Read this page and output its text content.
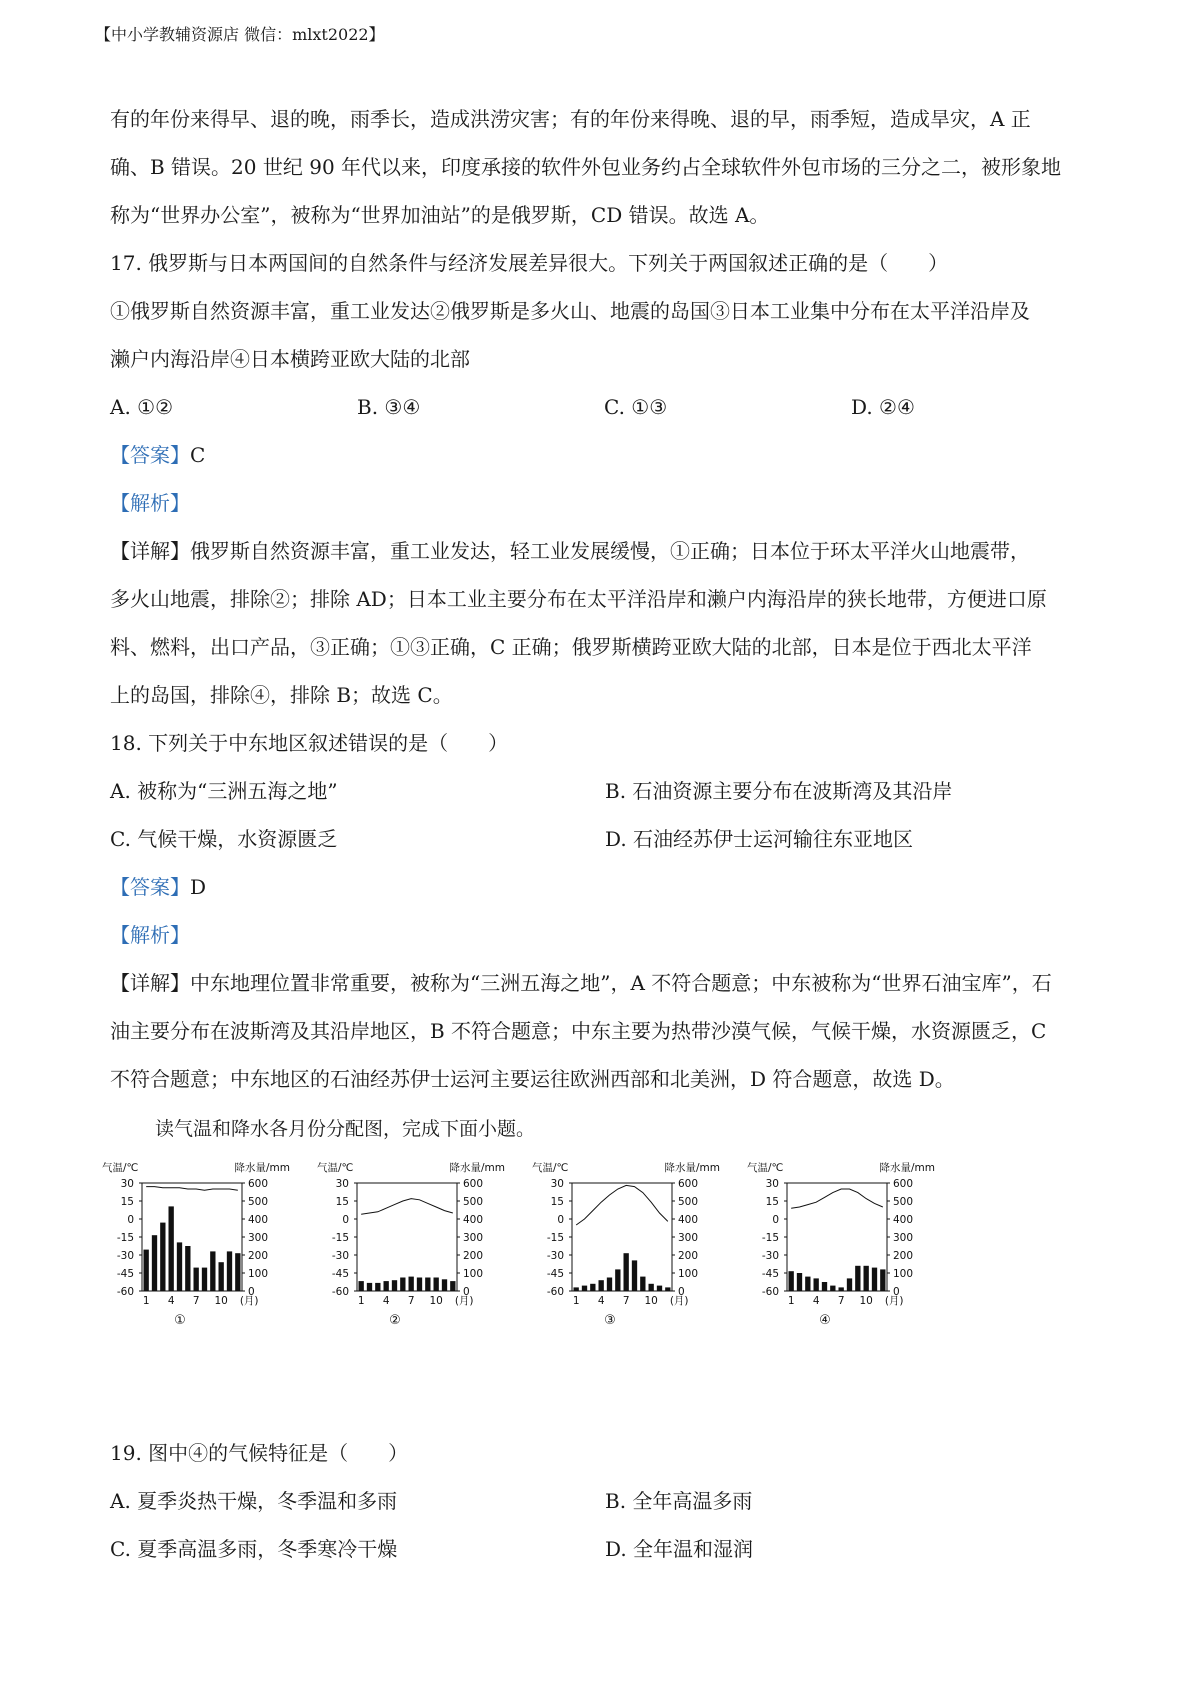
【中小学教辅资源店 微信：mlxt2022】
有的年份来得早、退的晚，雨季长，造成洪涝灾害；有的年份来得晚、退的早，雨季短，造成旱灾，A 正
确、B 错误。20 世纪 90 年代以来，印度承接的软件外包业务约占全球软件外包市场的三分之二，被形象地
称为“世界办公室”，被称为“世界加油站”的是俄罗斯，CD 错误。故选 A。
17. 俄罗斯与日本两国间的自然条件与经济发展差异很大。下列关于两国叙述正确的是（　　）
①俄罗斯自然资源丰富，重工业发达②俄罗斯是多火山、地震的岛国③日本工业集中分布在太平洋沿岸及
濑户内海沿岸④日本横跨亚欧大陆的北部
A. ①②	B. ③④	C. ①③	D. ②④
【答案】C
【解析】
【详解】俄罗斯自然资源丰富，重工业发达，轻工业发展缓慢，①正确；日本位于环太平洋火山地震带，
多火山地震，排除②；排除 AD；日本工业主要分布在太平洋沿岸和濑户内海沿岸的狭长地带，方便进口原
料、燃料，出口产品，③正确；①③正确，C 正确；俄罗斯横跨亚欧大陆的北部，日本是位于西北太平洋
上的岛国，排除④，排除 B；故选 C。
18. 下列关于中东地区叙述错误的是（　　）
A. 被称为“三洲五海之地”	B. 石油资源主要分布在波斯湾及其沿岸
C. 气候干燥，水资源匮乏	D. 石油经苏伊士运河输往东亚地区
【答案】D
【解析】
【详解】中东地理位置非常重要，被称为“三洲五海之地”，A 不符合题意；中东被称为“世界石油宝库”，石
油主要分布在波斯湾及其沿岸地区，B 不符合题意；中东主要为热带沙漠气候，气候干燥，水资源匮乏，C
不符合题意；中东地区的石油经苏伊士运河主要运往欧洲西部和北美洲，D 符合题意，故选 D。
读气温和降水各月份分配图，完成下面小题。
气温/℃	降水量/mm
30
15
0
-15
-30
-45
-60
600
500
400
300
200
100
0
1 4 7 10 (月)
①
气温/℃	降水量/mm
30
15
0
-15
-30
-45
-60
600
500
400
300
200
100
0
1 4 7 10 (月)
②
气温/℃	降水量/mm
30
15
0
-15
-30
-45
-60
600
500
400
300
200
100
0
1 4 7 10 (月)
③
气温/℃	降水量/mm
30
15
0
-15
-30
-45
-60
600
500
400
300
200
100
0
1 4 7 10 (月)
④
19. 图中④的气候特征是（　　）
A. 夏季炎热干燥，冬季温和多雨	B. 全年高温多雨
C. 夏季高温多雨，冬季寒冷干燥	D. 全年温和湿润
